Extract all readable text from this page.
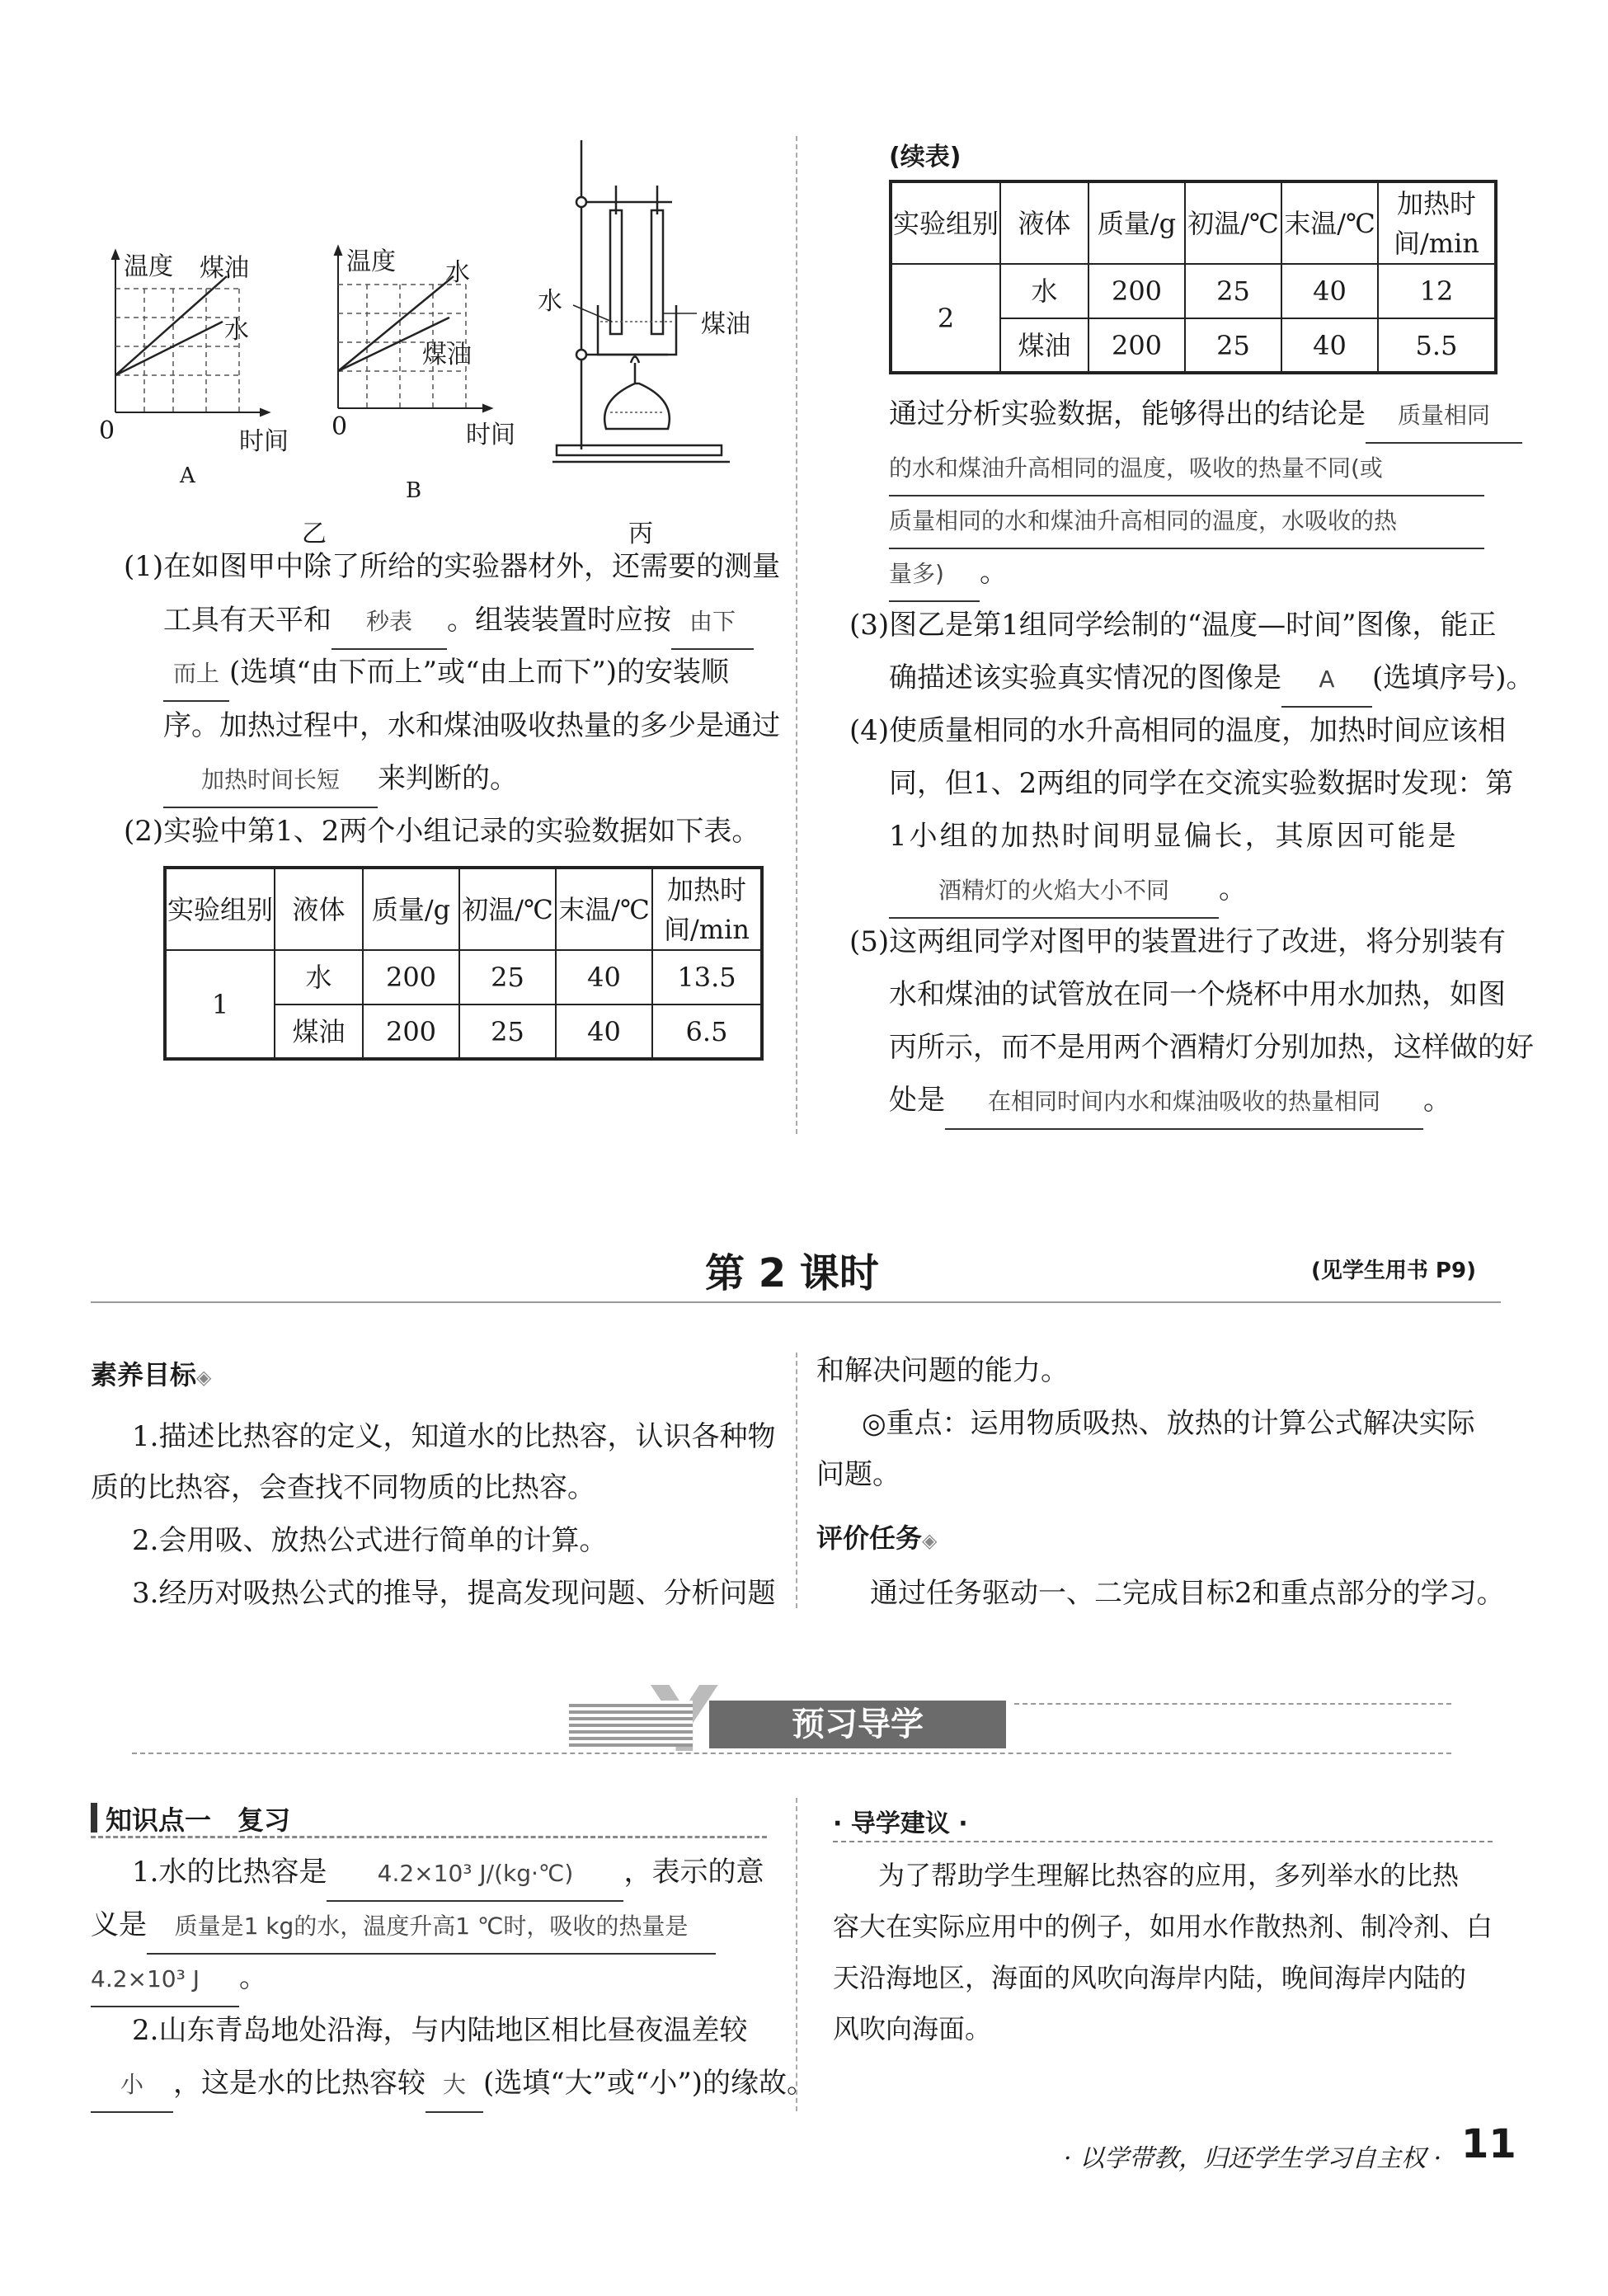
温度 煤油
水
0	时间
A
温度 水
煤油
0	时间
B
乙
水
煤油
丙
(1)在如图甲中除了所给的实验器材外，还需要的测量
工具有天平和 秒表 。组装装置时应按 由下
而上 (选填“由下而上”或“由上而下”)的安装顺
序。加热过程中，水和煤油吸收热量的多少是通过
加热时间长短 来判断的。
(2)实验中第1、2两个小组记录的实验数据如下表。
实验组别	液体	质量/g	初温/℃	末温/℃	加热时间/min
1	水	200	25	40	13.5
	煤油	200	25	40	6.5
(续表)
实验组别	液体	质量/g	初温/℃	末温/℃	加热时间/min
2	水	200	25	40	12
	煤油	200	25	40	5.5
通过分析实验数据，能够得出的结论是 质量相同
的水和煤油升高相同的温度，吸收的热量不同(或
质量相同的水和煤油升高相同的温度，水吸收的热
量多) 。
(3)图乙是第1组同学绘制的“温度—时间”图像，能正
确描述该实验真实情况的图像是 A (选填序号)。
(4)使质量相同的水升高相同的温度，加热时间应该相
同，但1、2两组的同学在交流实验数据时发现：第
1小组的加热时间明显偏长，其原因可能是
酒精灯的火焰大小不同 。
(5)这两组同学对图甲的装置进行了改进，将分别装有
水和煤油的试管放在同一个烧杯中用水加热，如图
丙所示，而不是用两个酒精灯分别加热，这样做的好
处是 在相同时间内水和煤油吸收的热量相同 。
第 2 课时	(见学生用书 P9)
素养目标◈
1.描述比热容的定义，知道水的比热容，认识各种物
质的比热容，会查找不同物质的比热容。
2.会用吸、放热公式进行简单的计算。
3.经历对吸热公式的推导，提高发现问题、分析问题
和解决问题的能力。
◎重点：运用物质吸热、放热的计算公式解决实际
问题。
评价任务◈
通过任务驱动一、二完成目标2和重点部分的学习。
预习导学
知识点一　复习
1.水的比热容是 4.2×10³ J/(kg·℃) ，表示的意
义是 质量是1 kg的水，温度升高1 ℃时，吸收的热量是
4.2×10³ J 。
2.山东青岛地处沿海，与内陆地区相比昼夜温差较
小 ，这是水的比热容较 大 (选填“大”或“小”)的缘故。
· 导学建议 ·
为了帮助学生理解比热容的应用，多列举水的比热
容大在实际应用中的例子，如用水作散热剂、制冷剂、白
天沿海地区，海面的风吹向海岸内陆，晚间海岸内陆的
风吹向海面。
· 以学带教，归还学生学习自主权 · 11
